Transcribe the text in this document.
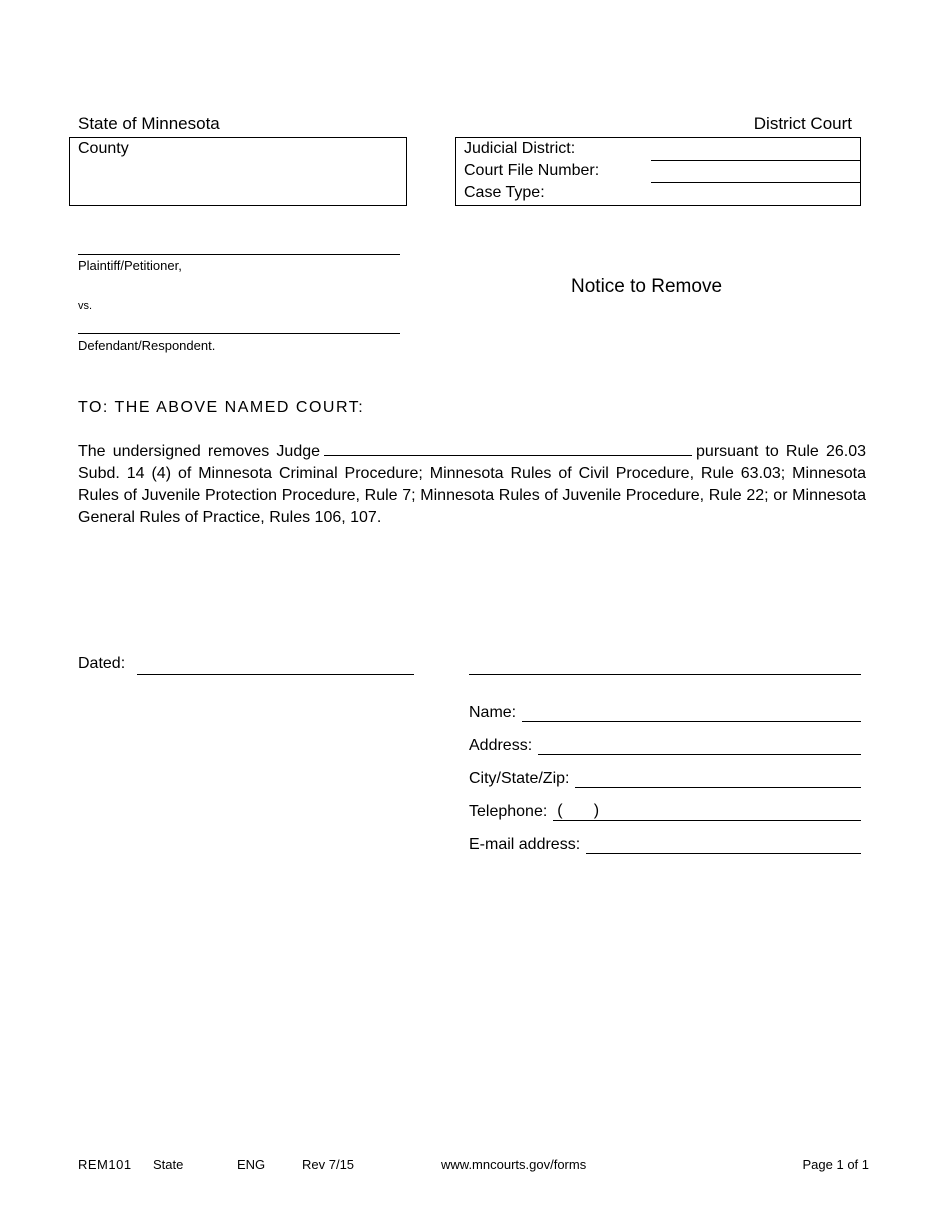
State of Minnesota	District Court
County	Judicial District:
Court File Number:
Case Type:
Plaintiff/Petitioner,
vs.
Defendant/Respondent.
Notice to Remove
TO: THE ABOVE NAMED COURT:
The undersigned removes Judge	pursuant to Rule 26.03 Subd. 14 (4) of Minnesota Criminal Procedure; Minnesota Rules of Civil Procedure, Rule 63.03; Minnesota Rules of Juvenile Protection Procedure, Rule 7; Minnesota Rules of Juvenile Procedure, Rule 22; or Minnesota General Rules of Practice, Rules 106, 107.
Dated:
Name:
Address:
City/State/Zip:
Telephone: (       )
E-mail address:
REM101 State	ENG	Rev 7/15	www.mncourts.gov/forms	Page 1 of 1
